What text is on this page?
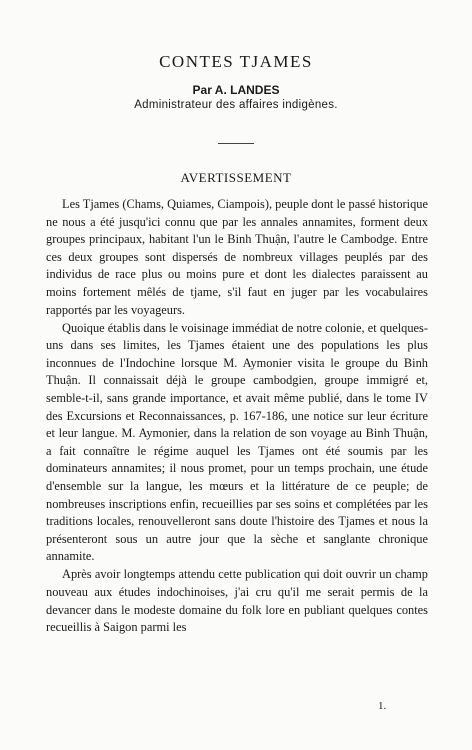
CONTES TJAMES
Par A. LANDES
Administrateur des affaires indigènes.
AVERTISSEMENT

Les Tjames (Chams, Quiames, Ciampois), peuple dont le passé historique ne nous a été jusqu'ici connu que par les annales annamites, forment deux groupes principaux, habitant l'un le Binh Thuận, l'autre le Cambodge. Entre ces deux groupes sont dispersés de nombreux villages peuplés par des individus de race plus ou moins pure et dont les dialectes paraissent au moins fortement mêlés de tjame, s'il faut en juger par les vocabulaires rapportés par les voyageurs.

Quoique établis dans le voisinage immédiat de notre colonie, et quelques-uns dans ses limites, les Tjames étaient une des populations les plus inconnues de l'Indochine lorsque M. Aymonier visita le groupe du Binh Thuận. Il connaissait déjà le groupe cambodgien, groupe immigré et, semble-t-il, sans grande importance, et avait même publié, dans le tome IV des Excursions et Reconnaissances, p. 167-186, une notice sur leur écriture et leur langue. M. Aymonier, dans la relation de son voyage au Binh Thuận, a fait connaître le régime auquel les Tjames ont été soumis par les dominateurs annamites; il nous promet, pour un temps prochain, une étude d'ensemble sur la langue, les mœurs et la littérature de ce peuple; de nombreuses inscriptions enfin, recueillies par ses soins et complétées par les traditions locales, renouvelleront sans doute l'histoire des Tjames et nous la présenteront sous un autre jour que la sèche et sanglante chronique annamite.

Après avoir longtemps attendu cette publication qui doit ouvrir un champ nouveau aux études indochinoises, j'ai cru qu'il me serait permis de la devancer dans le modeste domaine du folk lore en publiant quelques contes recueillis à Saigon parmi les

1.
